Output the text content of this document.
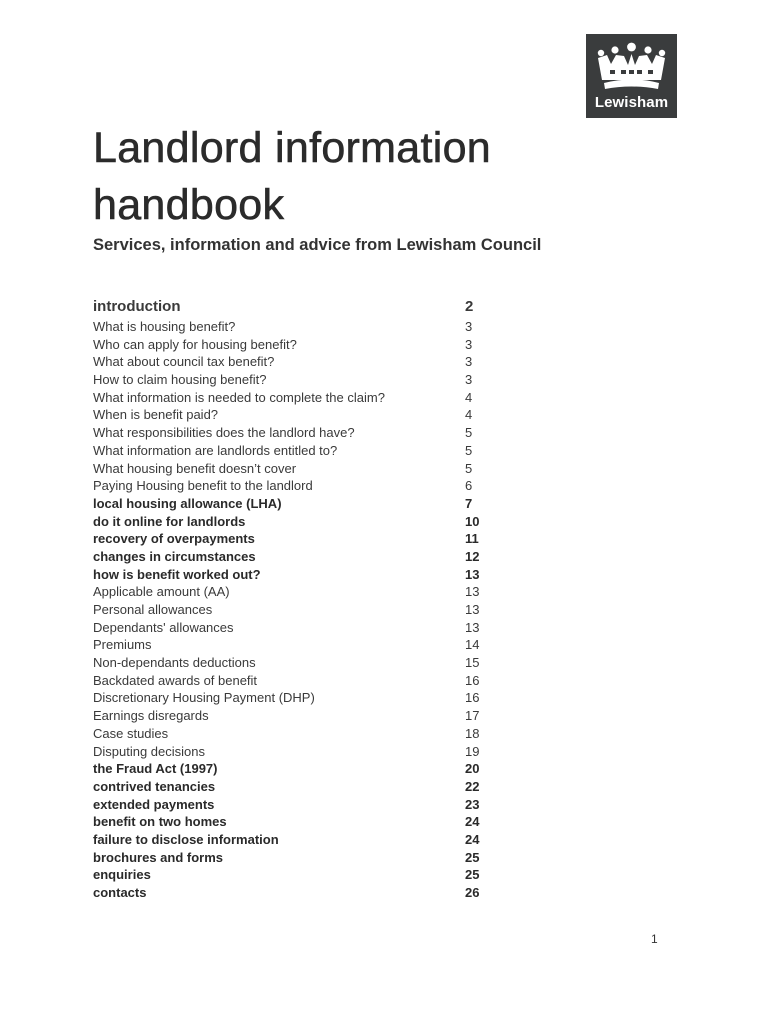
Lewisham
Landlord information
handbook
Services, information and advice from Lewisham Council
introduction	2
What is housing benefit?	3
Who can apply for housing benefit?	3
What about council tax benefit?	3
How to claim housing benefit?	3
What information is needed to complete the claim?	4
When is benefit paid?	4
What responsibilities does the landlord have?	5
What information are landlords entitled to?	5
What housing benefit doesn’t cover	5
Paying Housing benefit to the landlord	6
local housing allowance (LHA)	7
do it online for landlords	10
recovery of overpayments	11
changes in circumstances	12
how is benefit worked out?	13
Applicable amount (AA)	13
Personal allowances	13
Dependants' allowances	13
Premiums	14
Non-dependants deductions	15
Backdated awards of benefit	16
Discretionary Housing Payment (DHP)	16
Earnings disregards	17
Case studies	18
Disputing decisions	19
the Fraud Act (1997)	20
contrived tenancies	22
extended payments	23
benefit on two homes	24
failure to disclose information	24
brochures and forms	25
enquiries	25
contacts	26
1
